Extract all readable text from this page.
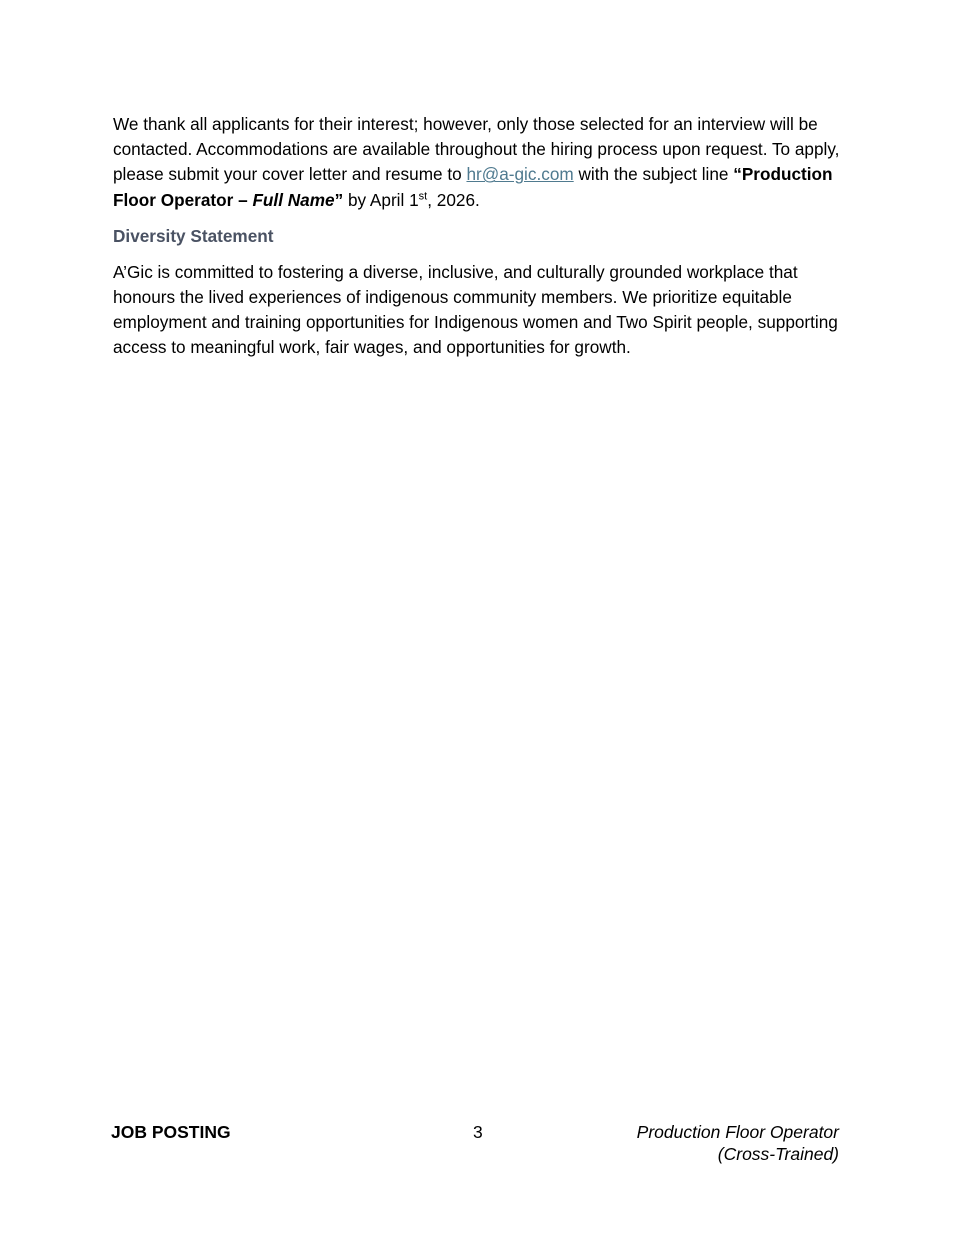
We thank all applicants for their interest; however, only those selected for an interview will be contacted. Accommodations are available throughout the hiring process upon request. To apply, please submit your cover letter and resume to hr@a-gic.com with the subject line “Production Floor Operator – Full Name” by April 1st, 2026.

Diversity Statement

A’Gic is committed to fostering a diverse, inclusive, and culturally grounded workplace that honours the lived experiences of indigenous community members. We prioritize equitable employment and training opportunities for Indigenous women and Two Spirit people, supporting access to meaningful work, fair wages, and opportunities for growth.

JOB POSTING	3	Production Floor Operator
(Cross-Trained)
